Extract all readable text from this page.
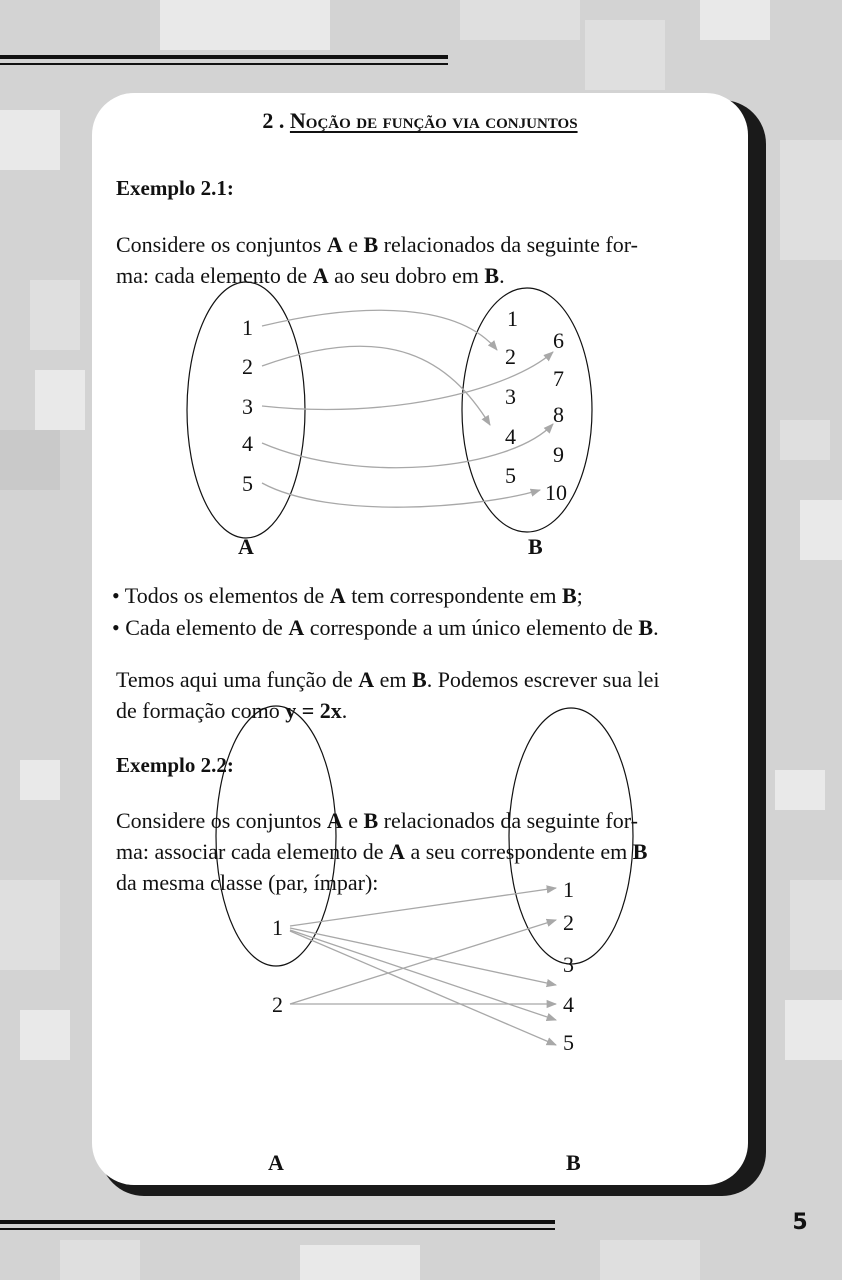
2 . Noção de função via conjuntos
Exemplo 2.1:
Considere os conjuntos A e B relacionados da seguinte for-
ma: cada elemento de A ao seu dobro em B.
1
2
3
4
5
1
2
3
4
5
6
7
8
9
10
A	B
• Todos os elementos de A tem correspondente em B;
• Cada elemento de A corresponde a um único elemento de B.
Temos aqui uma função de A em B. Podemos escrever sua lei
de formação como y = 2x.
Exemplo 2.2:
Considere os conjuntos A e B relacionados da seguinte for-
ma: associar cada elemento de A a seu correspondente em B
da mesma classe (par, ímpar):
1
2
1
2
3
4
5
A	B
5
